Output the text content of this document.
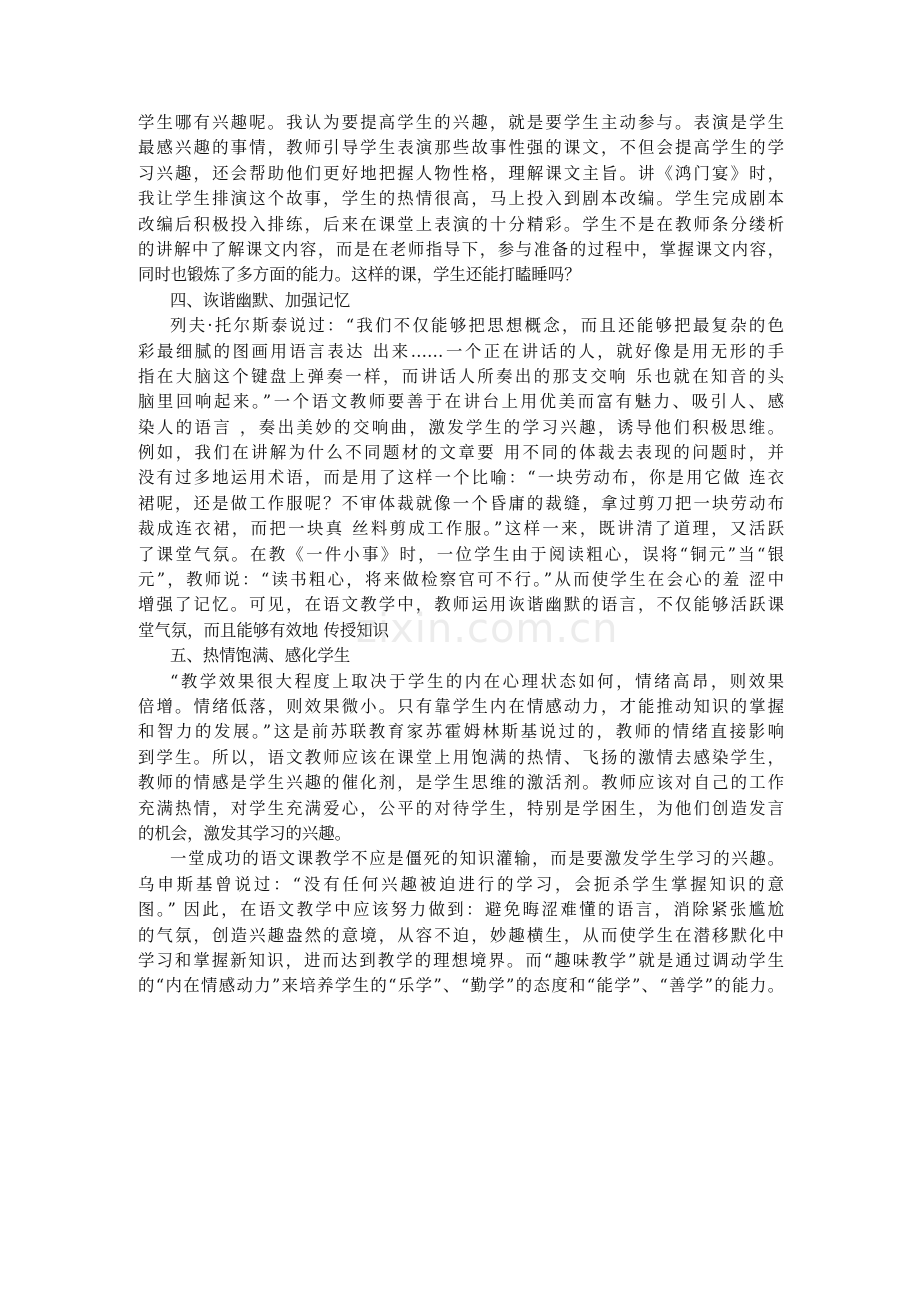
学生哪有兴趣呢。我认为要提高学生的兴趣，就是要学生主动参与。表演是学生
最感兴趣的事情，教师引导学生表演那些故事性强的课文，不但会提高学生的学
习兴趣，还会帮助他们更好地把握人物性格，理解课文主旨。讲《鸿门宴》时，
我让学生排演这个故事，学生的热情很高，马上投入到剧本改编。学生完成剧本
改编后积极投入排练，后来在课堂上表演的十分精彩。学生不是在教师条分缕析
的讲解中了解课文内容，而是在老师指导下，参与准备的过程中，掌握课文内容，
同时也锻炼了多方面的能力。这样的课，学生还能打瞌睡吗？
四、诙谐幽默、加强记忆
列夫·托尔斯泰说过：“我们不仅能够把思想概念，而且还能够把最复杂的色
彩最细腻的图画用语言表达 出来……一个正在讲话的人，就好像是用无形的手
指在大脑这个键盘上弹奏一样，而讲话人所奏出的那支交响 乐也就在知音的头
脑里回响起来。”一个语文教师要善于在讲台上用优美而富有魅力、吸引人、感
染人的语言 ，奏出美妙的交响曲，激发学生的学习兴趣，诱导他们积极思维。
例如，我们在讲解为什么不同题材的文章要 用不同的体裁去表现的问题时，并
没有过多地运用术语，而是用了这样一个比喻：“一块劳动布，你是用它做 连衣
裙呢，还是做工作服呢？不审体裁就像一个昏庸的裁缝，拿过剪刀把一块劳动布
裁成连衣裙，而把一块真 丝料剪成工作服。”这样一来，既讲清了道理，又活跃
了课堂气氛。在教《一件小事》时，一位学生由于阅读粗心，误将“铜元”当“银
元”，教师说：“读书粗心，将来做检察官可不行。”从而使学生在会心的羞 涩中
增强了记忆。可见，在语文教学中，教师运用诙谐幽默的语言，不仅能够活跃课
堂气氛，而且能够有效地 传授知识
五、热情饱满、感化学生
“教学效果很大程度上取决于学生的内在心理状态如何，情绪高昂，则效果
倍增。情绪低落，则效果微小。只有靠学生内在情感动力，才能推动知识的掌握
和智力的发展。”这是前苏联教育家苏霍姆林斯基说过的，教师的情绪直接影响
到学生。所以，语文教师应该在课堂上用饱满的热情、飞扬的激情去感染学生，
教师的情感是学生兴趣的催化剂，是学生思维的激活剂。教师应该对自己的工作
充满热情，对学生充满爱心，公平的对待学生，特别是学困生，为他们创造发言
的机会，激发其学习的兴趣。
一堂成功的语文课教学不应是僵死的知识灌输，而是要激发学生学习的兴趣。
乌申斯基曾说过：“没有任何兴趣被迫进行的学习，会扼杀学生掌握知识的意
图。” 因此，在语文教学中应该努力做到：避免晦涩难懂的语言，消除紧张尴尬
的气氛，创造兴趣盎然的意境，从容不迫，妙趣横生，从而使学生在潜移默化中
学习和掌握新知识，进而达到教学的理想境界。而“趣味教学”就是通过调动学生
的“内在情感动力”来培养学生的“乐学”、“勤学”的态度和“能学”、“善学”的能力。
zixin.com.cn
